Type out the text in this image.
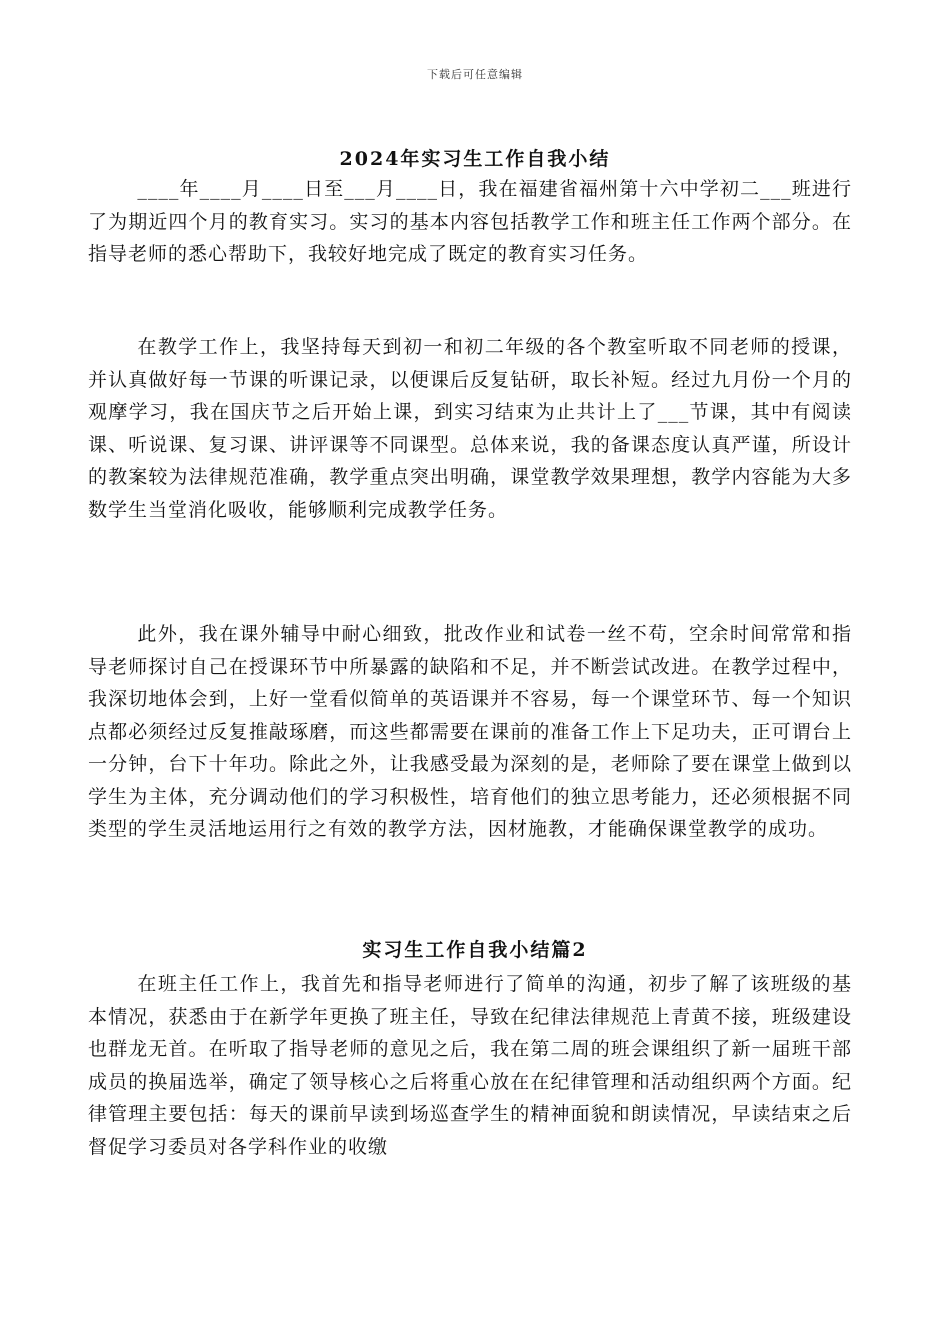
下载后可任意编辑
2024年实习生工作自我小结

____年____月____日至___月____日，我在福建省福州第十六中学初二___班进行了为期近四个月的教育实习。实习的基本内容包括教学工作和班主任工作两个部分。在指导老师的悉心帮助下，我较好地完成了既定的教育实习任务。

在教学工作上，我坚持每天到初一和初二年级的各个教室听取不同老师的授课，并认真做好每一节课的听课记录，以便课后反复钻研，取长补短。经过九月份一个月的观摩学习，我在国庆节之后开始上课，到实习结束为止共计上了___节课，其中有阅读课、听说课、复习课、讲评课等不同课型。总体来说，我的备课态度认真严谨，所设计的教案较为法律规范准确，教学重点突出明确，课堂教学效果理想，教学内容能为大多数学生当堂消化吸收，能够顺利完成教学任务。

此外，我在课外辅导中耐心细致，批改作业和试卷一丝不苟，空余时间常常和指导老师探讨自己在授课环节中所暴露的缺陷和不足，并不断尝试改进。在教学过程中，我深切地体会到，上好一堂看似简单的英语课并不容易，每一个课堂环节、每一个知识点都必须经过反复推敲琢磨，而这些都需要在课前的准备工作上下足功夫，正可谓台上一分钟，台下十年功。除此之外，让我感受最为深刻的是，老师除了要在课堂上做到以学生为主体，充分调动他们的学习积极性，培育他们的独立思考能力，还必须根据不同类型的学生灵活地运用行之有效的教学方法，因材施教，才能确保课堂教学的成功。

实习生工作自我小结篇2

在班主任工作上，我首先和指导老师进行了简单的沟通，初步了解了该班级的基本情况，获悉由于在新学年更换了班主任，导致在纪律法律规范上青黄不接，班级建设也群龙无首。在听取了指导老师的意见之后，我在第二周的班会课组织了新一届班干部成员的换届选举，确定了领导核心之后将重心放在在纪律管理和活动组织两个方面。纪律管理主要包括：每天的课前早读到场巡查学生的精神面貌和朗读情况，早读结束之后督促学习委员对各学科作业的收缴
